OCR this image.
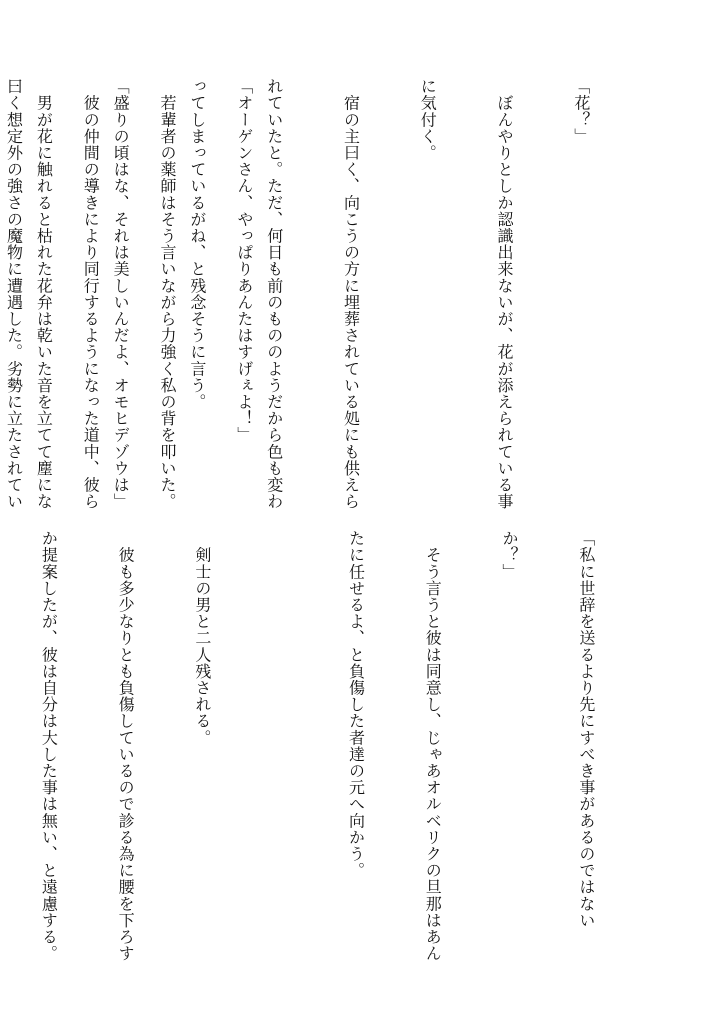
「花？」

　ぼんやりとしか認識出来ないが、花が添えられている事

に気付く。

　宿の主曰く、向こうの方に埋葬されている処にも供えら

れていたと。ただ、何日も前のもののようだから色も変わ

ってしまっているがね、と残念そうに言う。

「盛りの頃はな、それは美しいんだよ、オモヒデゾウは」

　男が花に触れると枯れた花弁は乾いた音を立てて塵にな

	「オーゲンさん、やっぱりあんたはすげぇよ！」

　若輩者の薬師はそう言いながら力強く私の背を叩いた。

　彼の仲間の導きにより同行するようになった道中、彼ら

曰く想定外の強さの魔物に遭遇した。劣勢に立たされてい

「私に世辞を送るより先にすべき事があるのではない

か？」

　そう言うと彼は同意し、じゃあオルベリクの旦那はあん

たに任せるよ、と負傷した者達の元へ向かう。

　剣士の男と二人残される。

　彼も多少なりとも負傷しているので診る為に腰を下ろす

か提案したが、彼は自分は大した事は無い、と遠慮する。
